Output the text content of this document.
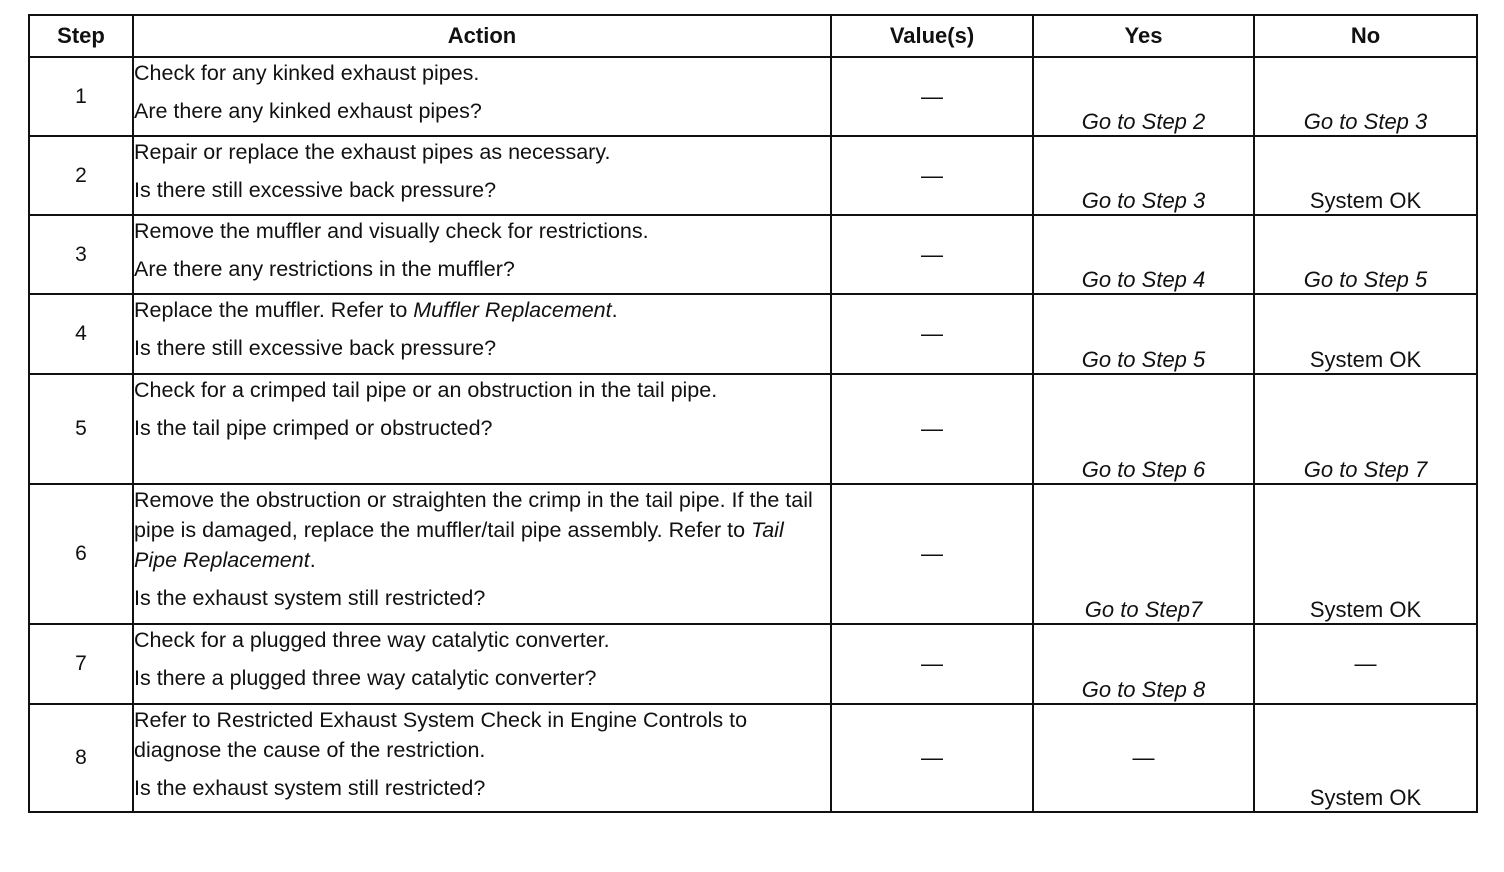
Step	Action	Value(s)	Yes	No
1	Check for any kinked exhaust pipes.

Are there any kinked exhaust pipes?	—	Go to Step 2	Go to Step 3
2	Repair or replace the exhaust pipes as necessary.

Is there still excessive back pressure?	—	Go to Step 3	System OK
3	Remove the muffler and visually check for restrictions.

Are there any restrictions in the muffler?	—	Go to Step 4	Go to Step 5
4	Replace the muffler. Refer to Muffler Replacement.

Is there still excessive back pressure?	—	Go to Step 5	System OK
5	Check for a crimped tail pipe or an obstruction in the tail pipe.

Is the tail pipe crimped or obstructed?	—	Go to Step 6	Go to Step 7
6	Remove the obstruction or straighten the crimp in the tail pipe. If the tail pipe is damaged, replace the muffler/tail pipe assembly. Refer to Tail Pipe Replacement.

Is the exhaust system still restricted?	—	Go to Step7	System OK
7	Check for a plugged three way catalytic converter.

Is there a plugged three way catalytic converter?	—	Go to Step 8	—
8	Refer to Restricted Exhaust System Check in Engine Controls to diagnose the cause of the restriction.

Is the exhaust system still restricted?	—	—	System OK
